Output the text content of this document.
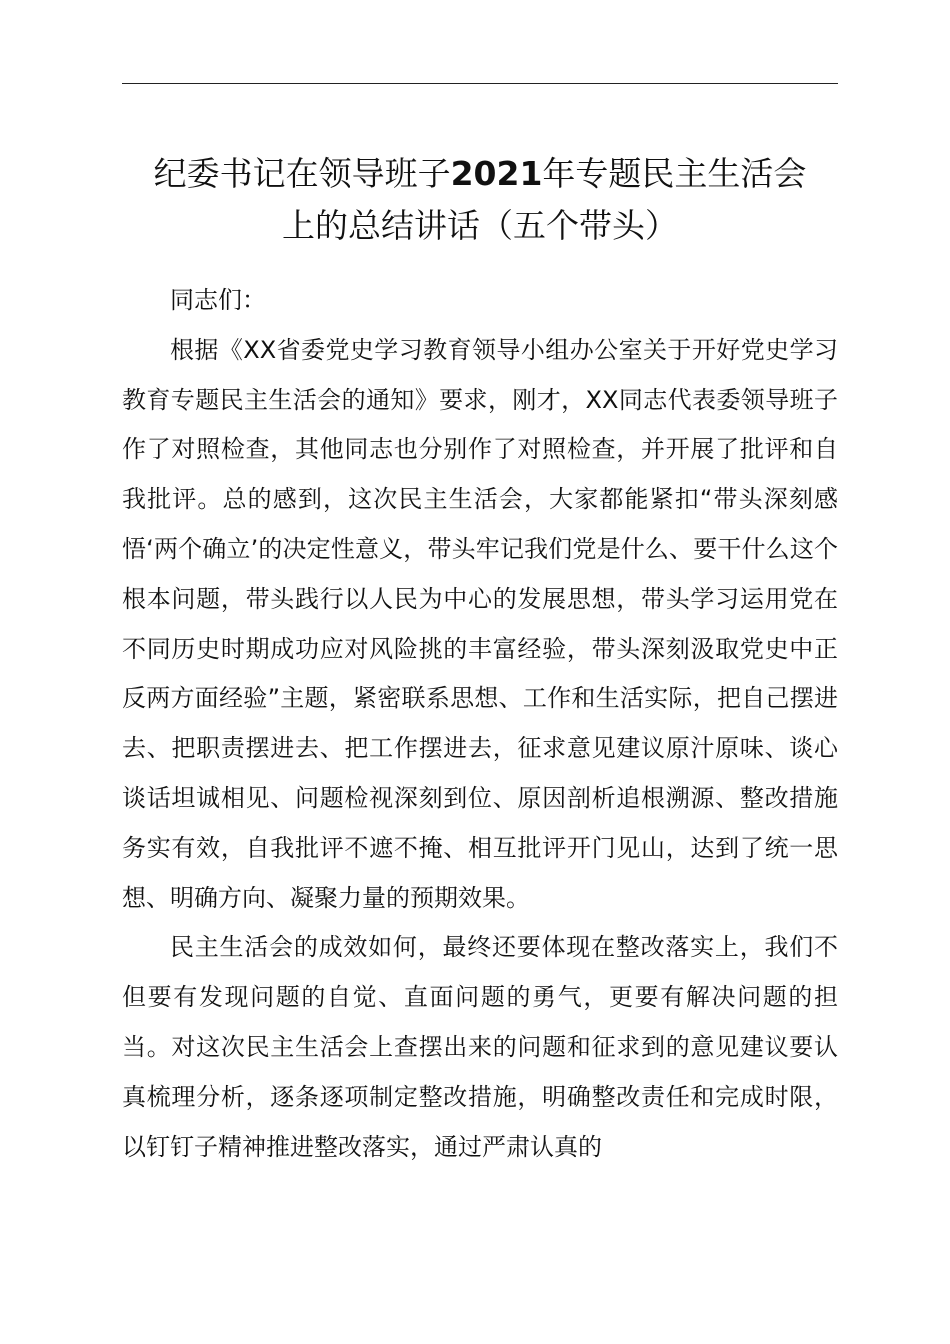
纪委书记在领导班子2021年专题民主生活会
上的总结讲话（五个带头）

同志们：

根据《XX省委党史学习教育领导小组办公室关于开好党史学习教育专题民主生活会的通知》要求，刚才，XX同志代表委领导班子作了对照检查，其他同志也分别作了对照检查，并开展了批评和自我批评。总的感到，这次民主生活会，大家都能紧扣“带头深刻感悟‘两个确立’的决定性意义，带头牢记我们党是什么、要干什么这个根本问题，带头践行以人民为中心的发展思想，带头学习运用党在不同历史时期成功应对风险挑的丰富经验，带头深刻汲取党史中正反两方面经验”主题，紧密联系思想、工作和生活实际，把自己摆进去、把职责摆进去、把工作摆进去，征求意见建议原汁原味、谈心谈话坦诚相见、问题检视深刻到位、原因剖析追根溯源、整改措施务实有效，自我批评不遮不掩、相互批评开门见山，达到了统一思想、明确方向、凝聚力量的预期效果。

民主生活会的成效如何，最终还要体现在整改落实上，我们不但要有发现问题的自觉、直面问题的勇气，更要有解决问题的担当。对这次民主生活会上查摆出来的问题和征求到的意见建议要认真梳理分析，逐条逐项制定整改措施，明确整改责任和完成时限，以钉钉子精神推进整改落实，通过严肃认真的
